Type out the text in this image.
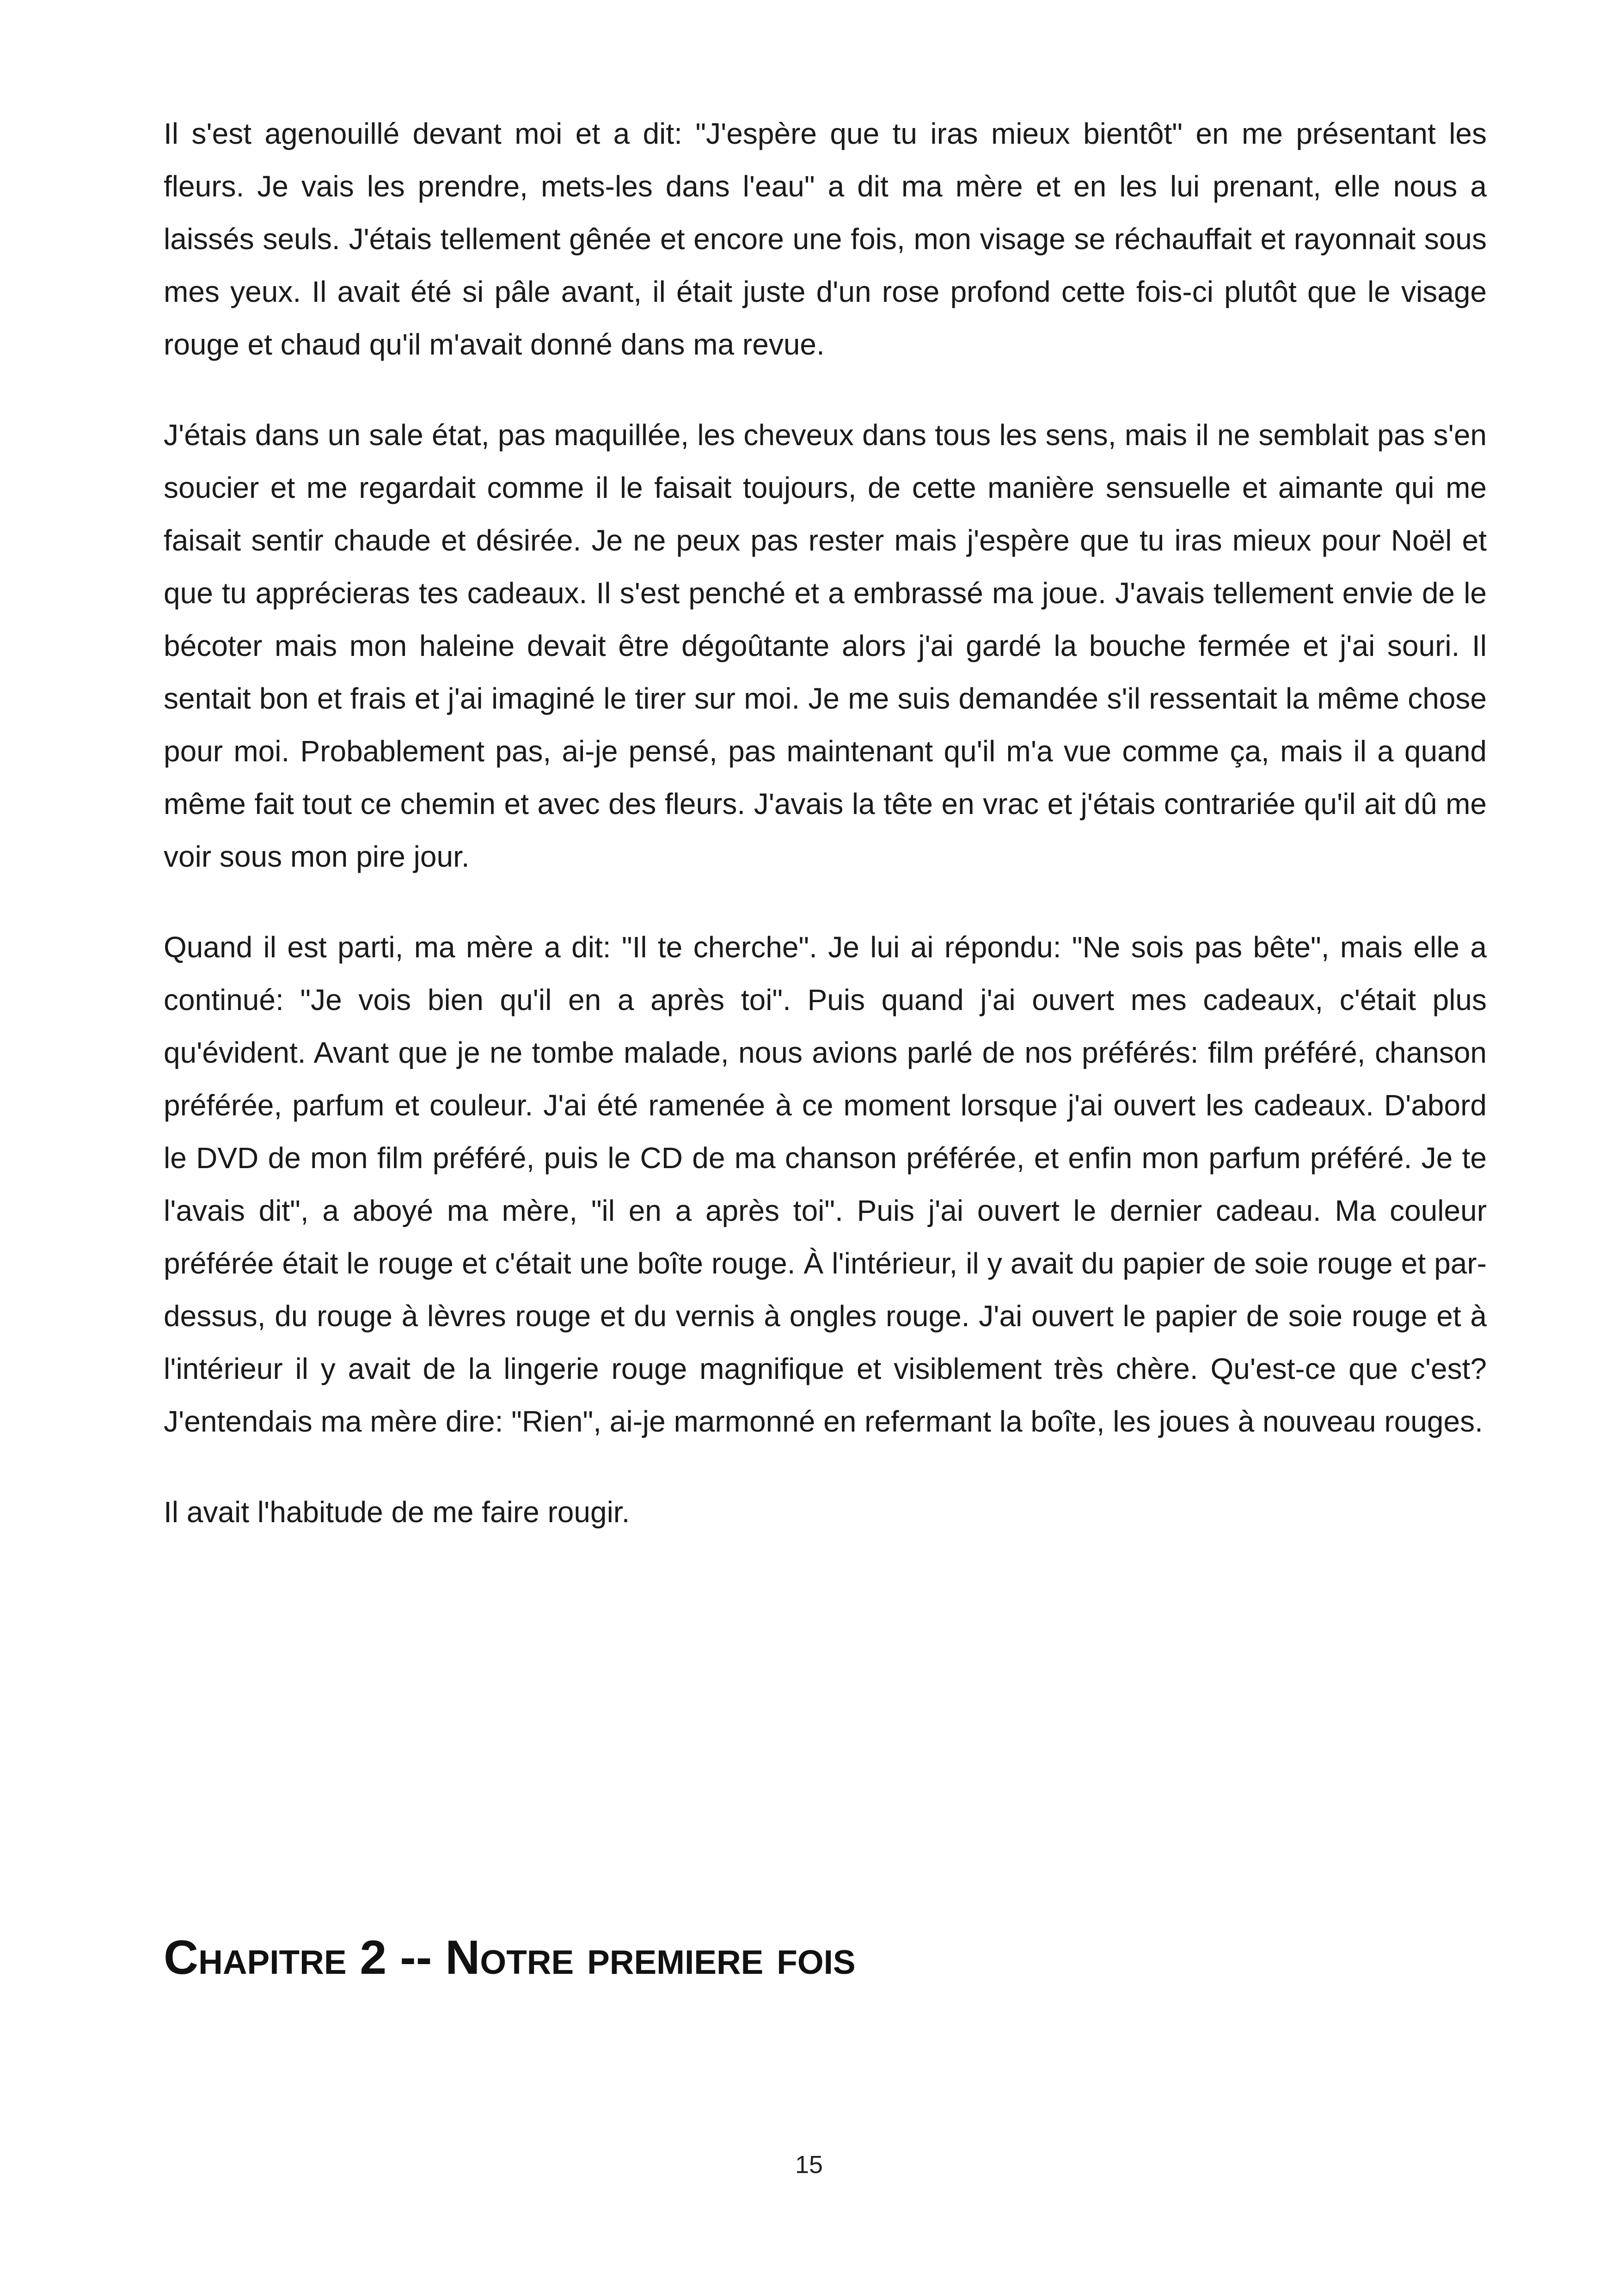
Il s'est agenouillé devant moi et a dit: "J'espère que tu iras mieux bientôt" en me présentant les fleurs. Je vais les prendre, mets-les dans l'eau" a dit ma mère et en les lui prenant, elle nous a laissés seuls. J'étais tellement gênée et encore une fois, mon visage se réchauffait et rayonnait sous mes yeux. Il avait été si pâle avant, il était juste d'un rose profond cette fois-ci plutôt que le visage rouge et chaud qu'il m'avait donné dans ma revue.

J'étais dans un sale état, pas maquillée, les cheveux dans tous les sens, mais il ne semblait pas s'en soucier et me regardait comme il le faisait toujours, de cette manière sensuelle et aimante qui me faisait sentir chaude et désirée. Je ne peux pas rester mais j'espère que tu iras mieux pour Noël et que tu apprécieras tes cadeaux. Il s'est penché et a embrassé ma joue. J'avais tellement envie de le bécoter mais mon haleine devait être dégoûtante alors j'ai gardé la bouche fermée et j'ai souri. Il sentait bon et frais et j'ai imaginé le tirer sur moi. Je me suis demandée s'il ressentait la même chose pour moi. Probablement pas, ai-je pensé, pas maintenant qu'il m'a vue comme ça, mais il a quand même fait tout ce chemin et avec des fleurs. J'avais la tête en vrac et j'étais contrariée qu'il ait dû me voir sous mon pire jour.

Quand il est parti, ma mère a dit: "Il te cherche". Je lui ai répondu: "Ne sois pas bête", mais elle a continué: "Je vois bien qu'il en a après toi". Puis quand j'ai ouvert mes cadeaux, c'était plus qu'évident. Avant que je ne tombe malade, nous avions parlé de nos préférés: film préféré, chanson préférée, parfum et couleur. J'ai été ramenée à ce moment lorsque j'ai ouvert les cadeaux. D'abord le DVD de mon film préféré, puis le CD de ma chanson préférée, et enfin mon parfum préféré. Je te l'avais dit", a aboyé ma mère, "il en a après toi". Puis j'ai ouvert le dernier cadeau. Ma couleur préférée était le rouge et c'était une boîte rouge. À l'intérieur, il y avait du papier de soie rouge et par-dessus, du rouge à lèvres rouge et du vernis à ongles rouge. J'ai ouvert le papier de soie rouge et à l'intérieur il y avait de la lingerie rouge magnifique et visiblement très chère. Qu'est-ce que c'est? J'entendais ma mère dire: "Rien", ai-je marmonné en refermant la boîte, les joues à nouveau rouges.

Il avait l'habitude de me faire rougir.

Chapitre 2 -- Notre premiere fois
15
